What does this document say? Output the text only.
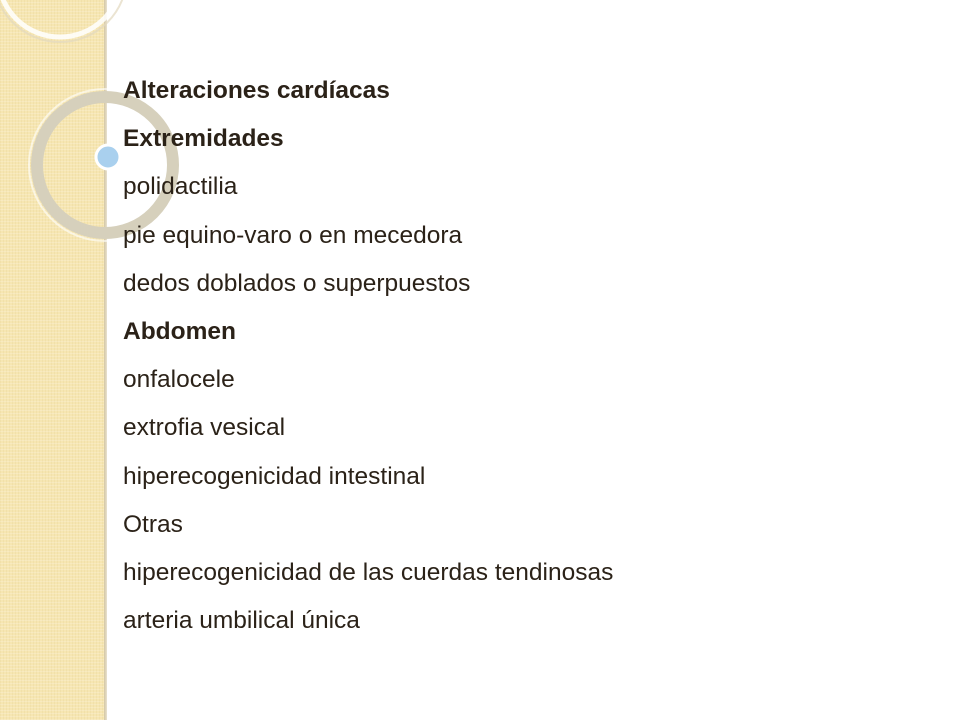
Alteraciones cardíacas
Extremidades
polidactilia
pie equino-varo o en mecedora
dedos doblados o superpuestos
Abdomen
onfalocele
extrofia vesical
hiperecogenicidad intestinal
Otras
hiperecogenicidad de las cuerdas tendinosas
arteria umbilical única
